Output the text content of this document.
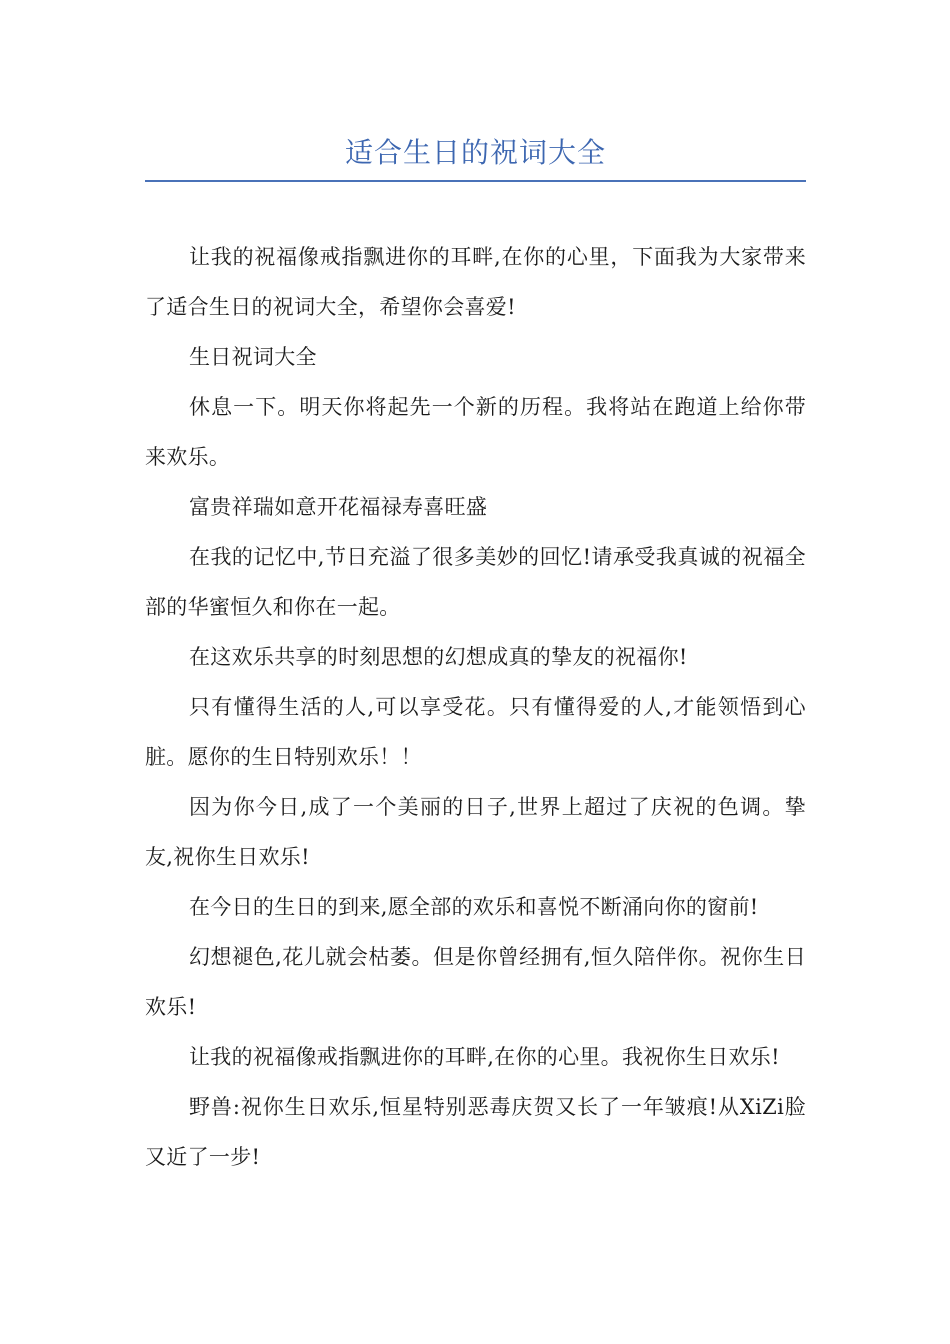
适合生日的祝词大全

让我的祝福像戒指飘进你的耳畔,在你的心里，下面我为大家带来了适合生日的祝词大全，希望你会喜爱!

生日祝词大全

休息一下。明天你将起先一个新的历程。我将站在跑道上给你带来欢乐。

富贵祥瑞如意开花福禄寿喜旺盛

在我的记忆中,节日充溢了很多美妙的回忆!请承受我真诚的祝福全部的华蜜恒久和你在一起。

在这欢乐共享的时刻思想的幻想成真的挚友的祝福你!

只有懂得生活的人,可以享受花。只有懂得爱的人,才能领悟到心脏。愿你的生日特别欢乐！！

因为你今日,成了一个美丽的日子,世界上超过了庆祝的色调。挚友,祝你生日欢乐!

在今日的生日的到来,愿全部的欢乐和喜悦不断涌向你的窗前!

幻想褪色,花儿就会枯萎。但是你曾经拥有,恒久陪伴你。祝你生日欢乐!

让我的祝福像戒指飘进你的耳畔,在你的心里。我祝你生日欢乐!

野兽:祝你生日欢乐,恒星特别恶毒庆贺又长了一年皱痕!从XiZi脸又近了一步!
